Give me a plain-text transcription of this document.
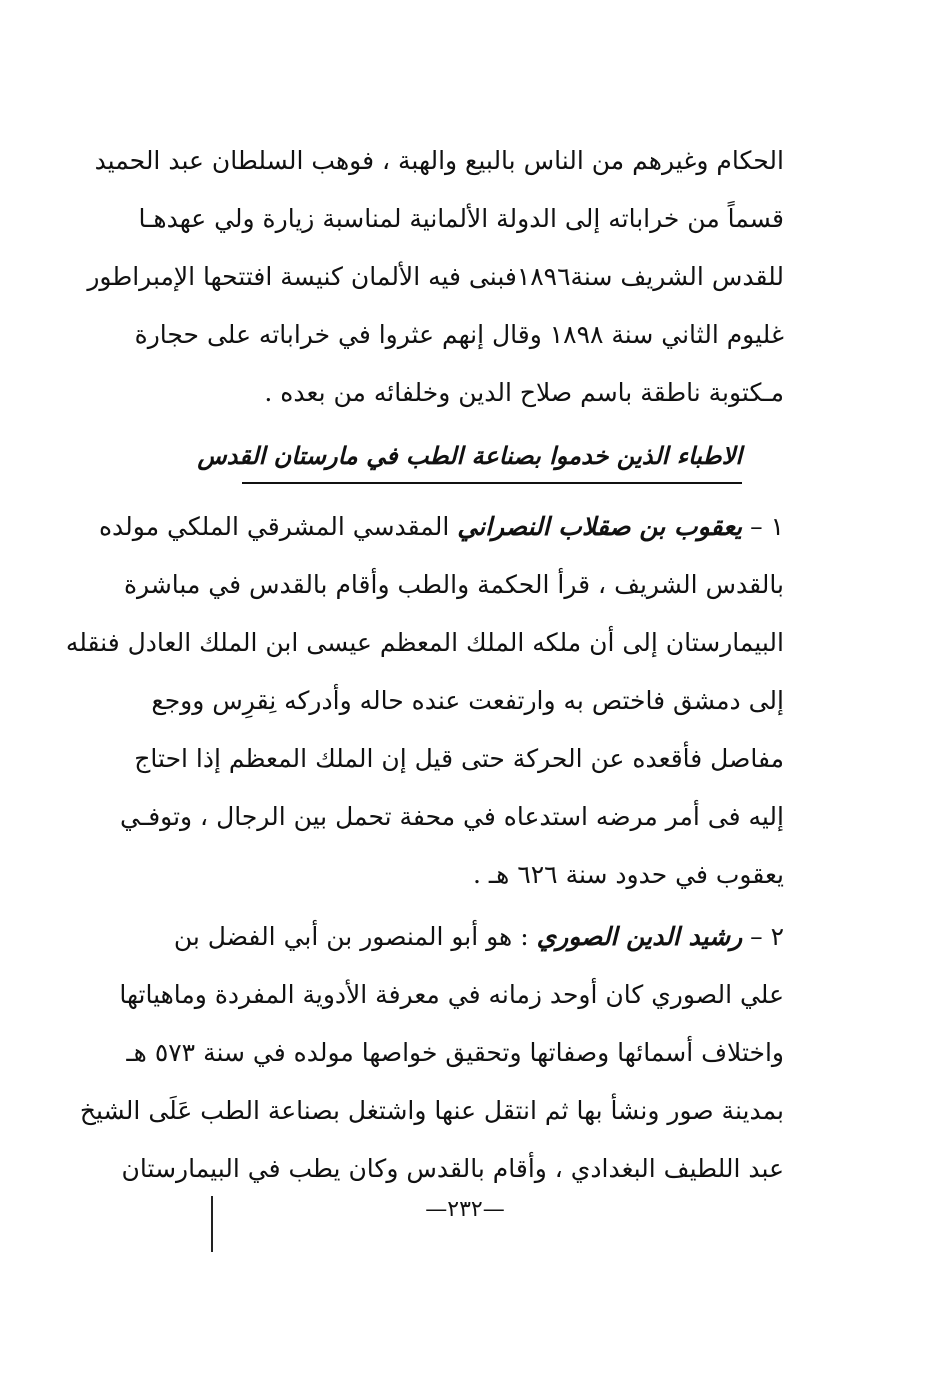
الحكام وغيرهم من الناس بالبيع والهبة ، فوهب السلطان عبد الحميد
قسماً من خراباته إلى الدولة الألمانية لمناسبة زيارة ولي عهدهـا
للقدس الشريف سنة١٨٩٦فبنى فيه الألمان كنيسة افتتحها الإمبراطور
غليوم الثاني سنة ١٨٩٨ وقال إنهم عثروا في خراباته على حجارة
مـكتوبة ناطقة باسم صلاح الدين وخلفائه من بعده .
الاطباء الذين خدموا بصناعة الطب في مارستان القدس
١ – يعقوب بن صقلاب النصراني المقدسي المشرقي الملكي مولده
بالقدس الشريف ، قرأ الحكمة والطب وأقام بالقدس في مباشرة
البيمارستان إلى أن ملكه الملك المعظم عيسى ابن الملك العادل فنقله
إلى دمشق فاختص به وارتفعت عنده حاله وأدركه نِقرِس ووجع
مفاصل فأقعده عن الحركة حتى قيل إن الملك المعظم إذا احتاج
إليه فى أمر مرضه استدعاه في محفة تحمل بين الرجال ، وتوفـي
يعقوب في حدود سنة ٦٢٦ هـ .
٢ – رشيد الدين الصوري : هو أبو المنصور بن أبي الفضل بن
علي الصوري كان أوحد زمانه في معرفة الأدوية المفردة وماهياتها
واختلاف أسمائها وصفاتها وتحقيق خواصها مولده في سنة ٥٧٣ هـ
بمدينة صور ونشأ بها ثم انتقل عنها واشتغل بصناعة الطب عَلَى الشيخ
عبد اللطيف البغدادي ، وأقام بالقدس وكان يطب في البيمارستان
—٢٣٢—
